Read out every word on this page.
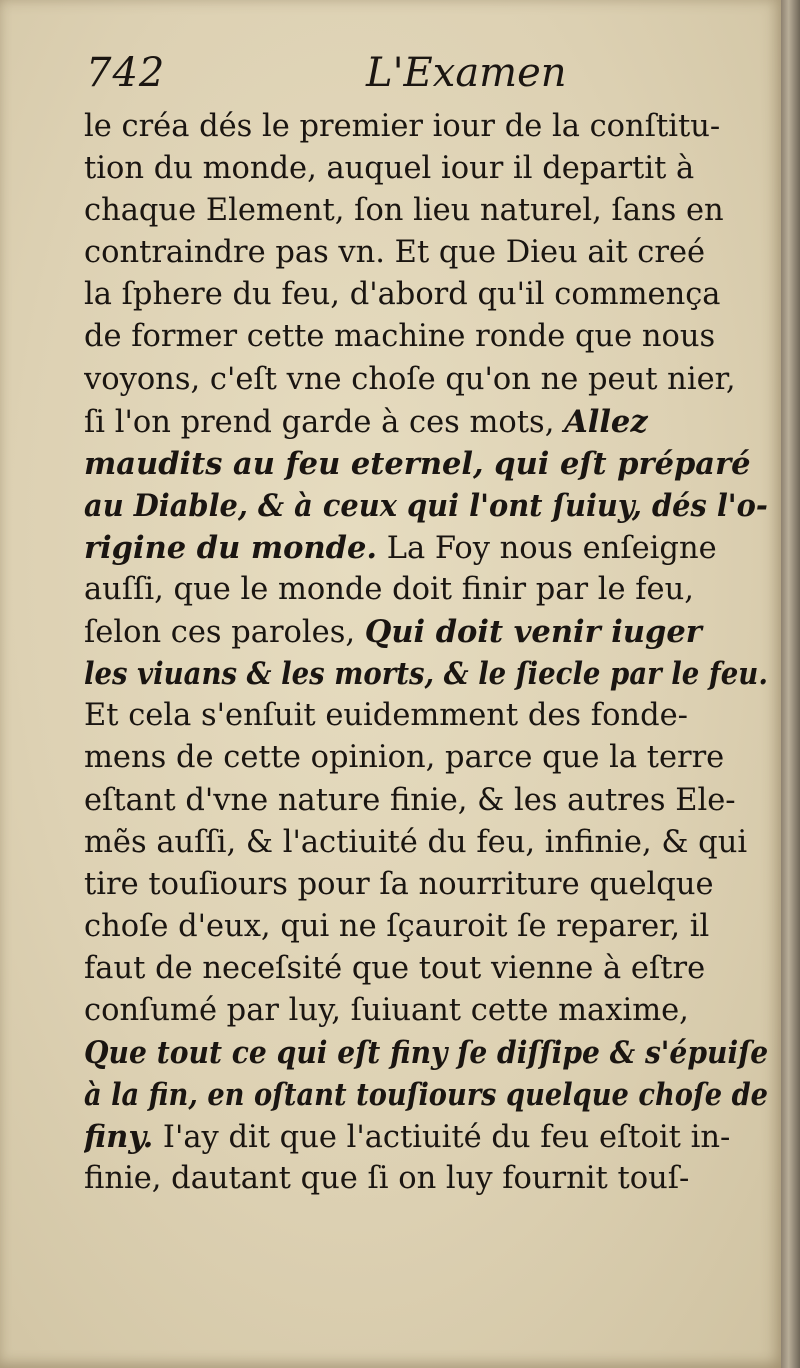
742	L'Examen
le créa dés le premier iour de la conſtitu-
tion du monde, auquel iour il departit à
chaque Element, ſon lieu naturel, ſans en
contraindre pas vn. Et que Dieu ait creé
la ſphere du feu, d'abord qu'il commença
de former cette machine ronde que nous
voyons, c'eſt vne choſe qu'on ne peut nier,
ſi l'on prend garde à ces mots, Allez
maudits au feu eternel, qui eſt préparé
au Diable, & à ceux qui l'ont ſuiuy, dés l'o-
rigine du monde. La Foy nous enſeigne
auſſi, que le monde doit finir par le feu,
ſelon ces paroles, Qui doit venir iuger
les viuans & les morts, & le ſiecle par le feu.
Et cela s'enſuit euidemment des fonde-
mens de cette opinion, parce que la terre
eſtant d'vne nature finie, & les autres Ele-
mẽs auſſi, & l'actiuité du feu, infinie, & qui
tire touſiours pour ſa nourriture quelque
choſe d'eux, qui ne ſçauroit ſe reparer, il
faut de neceſsité que tout vienne à eſtre
conſumé par luy, ſuiuant cette maxime,
Que tout ce qui eſt finy ſe diſſipe & s'épuiſe
à la fin, en oſtant touſiours quelque choſe de
finy. I'ay dit que l'actiuité du feu eſtoit in-
finie, dautant que ſi on luy fournit touſ-
